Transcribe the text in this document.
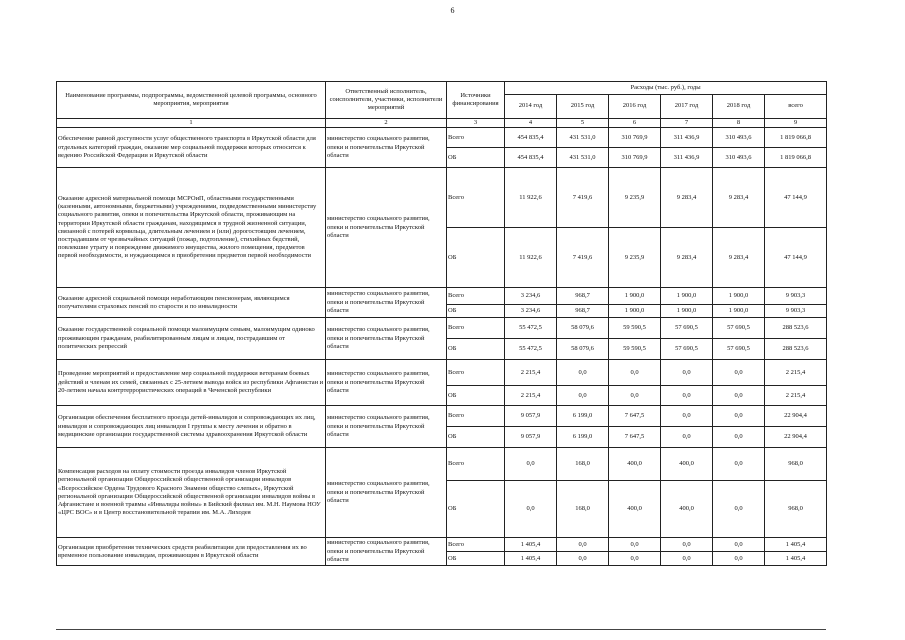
6
Наименование программы, подпрограммы, ведомственной целевой программы, основного мероприятия, мероприятия	Ответственный исполнитель, соисполнители, участники, исполнители мероприятий	Источники финансирования	Расходы (тыс. руб.), годы					
			2014 год	2015 год	2016 год	2017 год	2018 год	всего
1	2	3	4	5	6	7	8	9
Обеспечение равной доступности услуг общественного транспорта в Иркутской области для отдельных категорий граждан, оказание мер социальной поддержки которых относится к ведению Российской Федерации и Иркутской области	министерство социального развития, опеки и попечительства Иркутской области	Всего	454 835,4	431 531,0	310 769,9	311 436,9	310 493,6	1 819 066,8
		ОБ	454 835,4	431 531,0	310 769,9	311 436,9	310 493,6	1 819 066,8
Оказание адресной материальной помощи МСРОиП, областными государственными (казенными, автономными, бюджетными) учреждениями, подведомственными министерству социального развития, опеки и попечительства Иркутской области, проживающим на территории Иркутской области гражданам, находящимся в трудной жизненной ситуации, связанной с потерей кормильца, длительным лечением и (или) дорогостоящим лечением, пострадавшим от чрезвычайных ситуаций (пожар, подтопление), стихийных бедствий, повлекшие утрату и повреждение движимого имущества, жилого помещения, предметов первой необходимости, и нуждающимся в приобретении предметов первой необходимости	министерство социального развития, опеки и попечительства Иркутской области	Всего	11 922,6	7 419,6	9 235,9	9 283,4	9 283,4	47 144,9
		ОБ	11 922,6	7 419,6	9 235,9	9 283,4	9 283,4	47 144,9
Оказание адресной социальной помощи неработающим пенсионерам, являющимся получателями страховых пенсий по старости и по инвалидности	министерство социального развития, опеки и попечительства Иркутской области	Всего	3 234,6	968,7	1 900,0	1 900,0	1 900,0	9 903,3
		ОБ	3 234,6	968,7	1 900,0	1 900,0	1 900,0	9 903,3
Оказание государственной социальной помощи малоимущим семьям, малоимущим одиноко проживающим гражданам, реабилитированным лицам и лицам, пострадавшим от политических репрессий	министерство социального развития, опеки и попечительства Иркутской области	Всего	55 472,5	58 079,6	59 590,5	57 690,5	57 690,5	288 523,6
		ОБ	55 472,5	58 079,6	59 590,5	57 690,5	57 690,5	288 523,6
Проведение мероприятий и предоставление мер социальной поддержки ветеранам боевых действий и членам их семей, связанных с 25-летием вывода войск из республики Афганистан и 20-летием начала контртеррористических операций в Чеченской республики	министерство социального развития, опеки и попечительства Иркутской области	Всего	2 215,4	0,0	0,0	0,0	0,0	2 215,4
		ОБ	2 215,4	0,0	0,0	0,0	0,0	2 215,4
Организация обеспечения бесплатного проезда детей-инвалидов и сопровождающих их лиц, инвалидов и сопровождающих лиц инвалидов I группы к месту лечения и обратно в медицинские организации государственной системы здравоохранения Иркутской области	министерство социального развития, опеки и попечительства Иркутской области	Всего	9 057,9	6 199,0	7 647,5	0,0	0,0	22 904,4
		ОБ	9 057,9	6 199,0	7 647,5	0,0	0,0	22 904,4
Компенсация расходов на оплату стоимости проезда инвалидов членов Иркутской региональной организации Общероссийской общественной организации инвалидов «Всероссийское Ордена Трудового Красного Знамени общество слепых», Иркутской региональной организации Общероссийской общественной организации инвалидов войны в Афганистане и военной травмы «Инвалиды войны» в Бийский филиал им. М.Н. Наумова НОУ «ЦРС ВОС» и в Центр восстановительной терапии им. М.А. Лиходея	министерство социального развития, опеки и попечительства Иркутской области	Всего	0,0	168,0	400,0	400,0	0,0	968,0
		ОБ	0,0	168,0	400,0	400,0	0,0	968,0
Организация приобретения технических средств реабилитации для предоставления их во временное пользование инвалидам, проживающим в Иркутской области	министерство социального развития, опеки и попечительства Иркутской области	Всего	1 405,4	0,0	0,0	0,0	0,0	1 405,4
		ОБ	1 405,4	0,0	0,0	0,0	0,0	1 405,4
